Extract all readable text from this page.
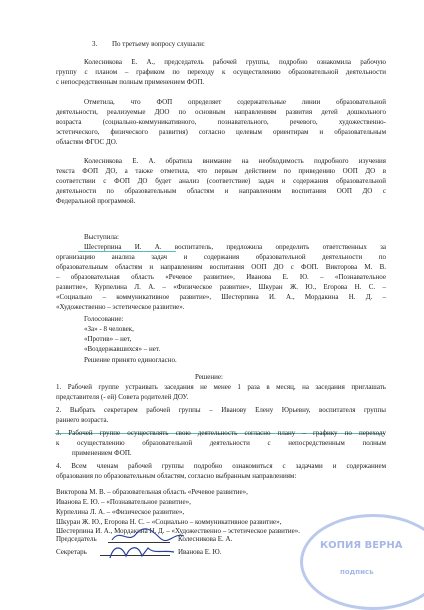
3. По третьему вопросу слушали:
Колесникова Е. А., председатель рабочей группы, подробно ознакомила рабочую
группу с планом – графиком по переходу к осуществлению образовательной деятельности
с непосредственным полным применением ФОП.
Отметила, что ФОП определяет содержательные линии образовательной
деятельности, реализуемые ДОО по основным направлениям развития детей дошкольного
возраста (социально-коммуникативного, познавательного, речевого, художественно-
эстетического, физического развития) согласно целевым ориентирам и образовательным
областям ФГОС ДО.
Колесникова Е. А. обратила внимание на необходимость подробного изучения
текста ФОП ДО, а также отметила, что первым действием по приведению ООП ДО в
соответствии с ФОП ДО будет анализ (соответствие) задач и содержания образовательной
деятельности по образовательным областям и направлениям воспитания ООП ДО с
Федеральной программой.
Выступила:
Шестерпина И. А. воспитатель, предложила определить ответственных за
организацию анализа задач и содержания образовательной деятельности по
образовательным областям и направлениям воспитания ООП ДО с ФОП. Викторова М. В.
– образовательная область «Речевое развитие», Иванова Е. Ю. – «Познавательное
развитие», Курпелина Л. А. – «Физическое развитие», Шкуран Ж. Ю., Егорова Н. С. –
«Социально – коммуникативное развитие», Шестерпина И. А., Мордакина Н. Д. –
«Художественно – эстетическое развитие».
Голосование:
«За» - 8 человек,
«Против» – нет,
«Воздержавшихся» – нет.
Решение принято единогласно.
Решение:
1. Рабочей группе устраивать заседания не менее 1 раза в месяц, на заседания приглашать
представителя (- ей) Совета родителей ДОУ.
2. Выбрать секретарем рабочей группы – Иванову Елену Юрьевну, воспитателя группы
раннего возраста.
3. Рабочей группе осуществлять свою деятельность согласно плану – графику по переходу
к осуществлению образовательной деятельности с непосредственным полным
применением ФОП.
4. Всем членам рабочей группы подробно ознакомиться с задачами и содержанием
образования по образовательным областям, согласно выбранным направлениям:
Викторова М. В. – образовательная область «Речевое развитие»,
Иванова Е. Ю. – «Познавательное развитие»,
Курпелина Л. А. – «Физическое развитие»,
Шкуран Ж. Ю., Егорова Н. С. – «Социально – коммуникативное развитие»,
Шестерпина И. А., Мордакина Н. Д. – «Художественно – эстетическое развитие».
Председатель	Колесникова Е. А.
Секретарь	Иванова Е. Ю.
КОПИЯ ВЕРНА
подпись
